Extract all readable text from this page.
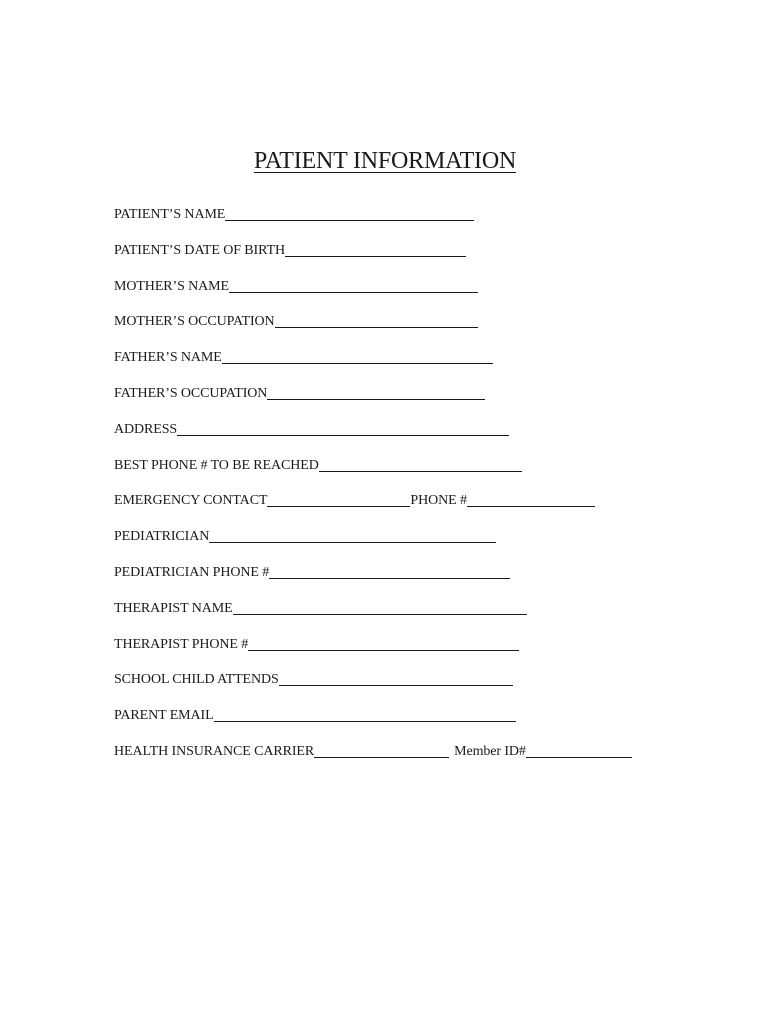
PATIENT INFORMATION
PATIENT’S NAME
PATIENT’S DATE OF BIRTH
MOTHER’S NAME
MOTHER’S OCCUPATION
FATHER’S NAME
FATHER’S OCCUPATION
ADDRESS
BEST PHONE # TO BE REACHED
EMERGENCY CONTACT	PHONE #
PEDIATRICIAN
PEDIATRICIAN PHONE #
THERAPIST NAME
THERAPIST PHONE #
SCHOOL CHILD ATTENDS
PARENT EMAIL
HEALTH INSURANCE CARRIER	Member ID#
